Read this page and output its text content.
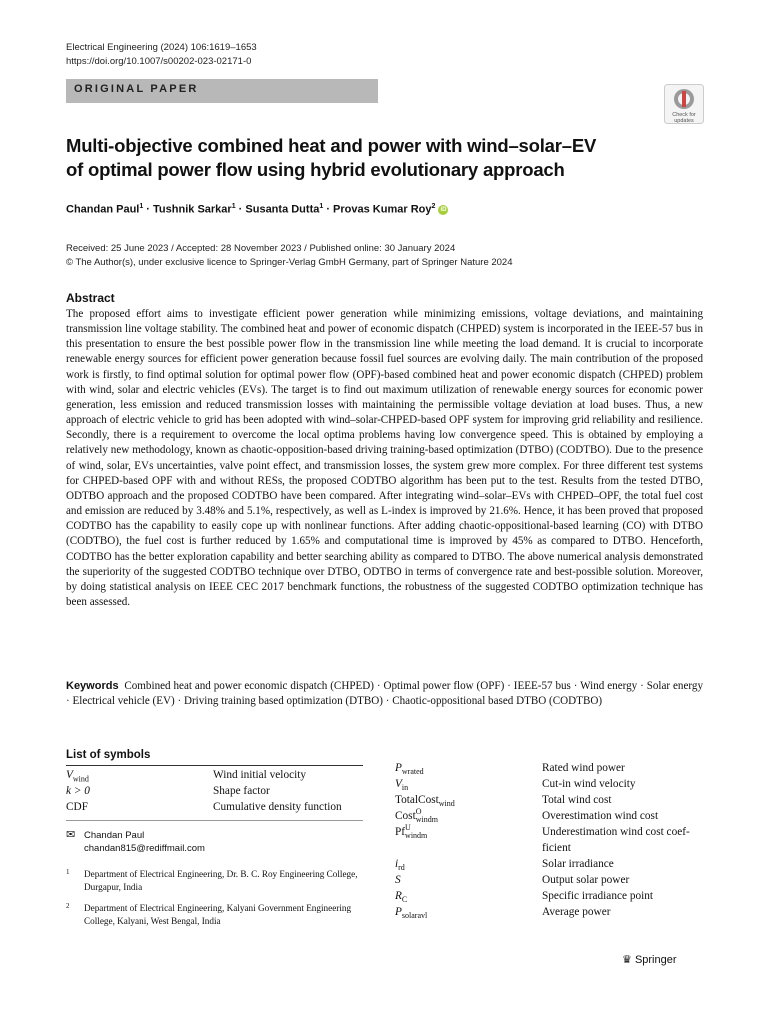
Electrical Engineering (2024) 106:1619–1653
https://doi.org/10.1007/s00202-023-02171-0
ORIGINAL PAPER
Check for
updates
Multi-objective combined heat and power with wind–solar–EV
of optimal power flow using hybrid evolutionary approach
Chandan Paul$^1$ · Tushnik Sarkar$^1$ · Susanta Dutta$^1$ · Provas Kumar Roy$^2$ iD
Received: 25 June 2023 / Accepted: 28 November 2023 / Published online: 30 January 2024
© The Author(s), under exclusive licence to Springer-Verlag GmbH Germany, part of Springer Nature 2024
Abstract
The proposed effort aims to investigate efficient power generation while minimizing emissions, voltage deviations, and maintaining transmission line voltage stability. The combined heat and power of economic dispatch (CHPED) system is incorporated in the IEEE-57 bus in this presentation to ensure the best possible power flow in the transmission line while meeting the load demand. It is crucial to incorporate renewable energy sources for efficient power generation because fossil fuel sources are evolving daily. The main contribution of the proposed work is firstly, to find optimal solution for optimal power flow (OPF)-based combined heat and power economic dispatch (CHPED) problem with wind, solar and electric vehicles (EVs). The target is to find out maximum utilization of renewable energy sources for economic power generation, less emission and reduced transmission losses with maintaining the permissible voltage deviation at load buses. Thus, a new approach of electric vehicle to grid has been adopted with wind–solar-CHPED-based OPF system for improving grid reliability and resilience. Secondly, there is a requirement to overcome the local optima problems having low convergence speed. This is obtained by employing a relatively new methodology, known as chaotic-opposition-based driving training-based optimization (DTBO) (CODTBO). Due to the presence of wind, solar, EVs uncertainties, valve point effect, and transmission losses, the system grew more complex. For three different test systems for CHPED-based OPF with and without RESs, the proposed CODTBO algorithm has been put to the test. Results from the tested DTBO, ODTBO approach and the proposed CODTBO have been compared. After integrating wind–solar–EVs with CHPED–OPF, the total fuel cost and emission are reduced by 3.48% and 5.1%, respectively, as well as L-index is improved by 21.6%. Hence, it has been proved that proposed CODTBO has the capability to easily cope up with nonlinear functions. After adding chaotic-oppositional-based learning (CO) with DTBO (CODTBO), the fuel cost is further reduced by 1.65% and computational time is improved by 45% as compared to DTBO. Henceforth, CODTBO has the better exploration capability and better searching ability as compared to DTBO. The above numerical analysis demonstrated the superiority of the suggested CODTBO technique over DTBO, ODTBO in terms of convergence rate and best-possible solution. Moreover, by doing statistical analysis on IEEE CEC 2017 benchmark functions, the robustness of the suggested CODTBO optimization technique has been assessed.
Keywords Combined heat and power economic dispatch (CHPED) · Optimal power flow (OPF) · IEEE-57 bus · Wind energy · Solar energy · Electrical vehicle (EV) · Driving training based optimization (DTBO) · Chaotic-oppositional based DTBO (CODTBO)
List of symbols
$V_{wind}$	Wind initial velocity
k > 0	Shape factor
CDF	Cumulative density function
✉ Chandan Paul
chandan815@rediffmail.com
1 Department of Electrical Engineering, Dr. B. C. Roy Engineering College, Durgapur, India
2 Department of Electrical Engineering, Kalyani Government Engineering College, Kalyani, West Bengal, India
P wrated	Rated wind power
V in	Cut-in wind velocity
TotalCost wind	Total wind cost
Cost O
windm	Overestimation wind cost
Pf U
windm	Underestimation wind cost coef-
ficient
i rd	Solar irradiance
S	Output solar power
R C	Specific irradiance point
P solaravl	Average power
♛ Springer
